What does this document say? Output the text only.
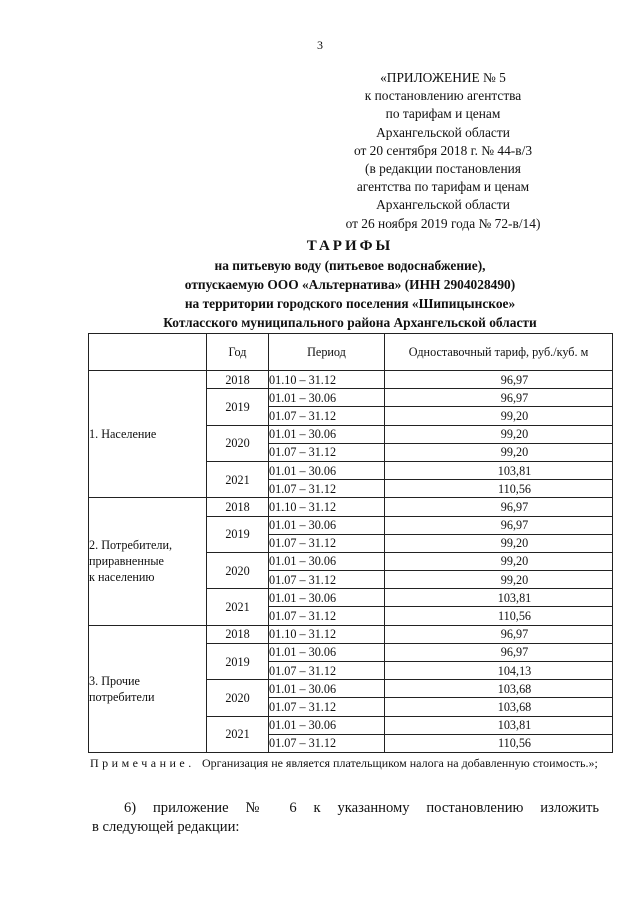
3
«ПРИЛОЖЕНИЕ № 5
к постановлению агентства
по тарифам и ценам
Архангельской области
от 20 сентября 2018 г. № 44-в/3
(в редакции постановления
агентства по тарифам и ценам
Архангельской области
от 26 ноября 2019 года № 72-в/14)
ТАРИФЫ
на питьевую воду (питьевое водоснабжение),
отпускаемую ООО «Альтернатива» (ИНН 2904028490)
на территории городского поселения «Шипицынское»
Котласского муниципального района Архангельской области
	Год	Период	Одноставочный тариф, руб./куб. м

1. Население	2018	01.10 – 31.12	96,97
	2019	01.01 – 30.06	96,97
		01.07 – 31.12	99,20
	2020	01.01 – 30.06	99,20
		01.07 – 31.12	99,20
	2021	01.01 – 30.06	103,81
		01.07 – 31.12	110,56

2. Потребители,
приравненные
к населению	2018	01.10 – 31.12	96,97
	2019	01.01 – 30.06	96,97
		01.07 – 31.12	99,20
	2020	01.01 – 30.06	99,20
		01.07 – 31.12	99,20
	2021	01.01 – 30.06	103,81
		01.07 – 31.12	110,56

3. Прочие
потребители	2018	01.10 – 31.12	96,97
	2019	01.01 – 30.06	96,97
		01.07 – 31.12	104,13
	2020	01.01 – 30.06	103,68
		01.07 – 31.12	103,68
	2021	01.01 – 30.06	103,81
		01.07 – 31.12	110,56
Примечание. Организация не является плательщиком налога на добавленную стоимость.»;
6) приложение № 6 к указанному постановлению изложить
в следующей редакции:
